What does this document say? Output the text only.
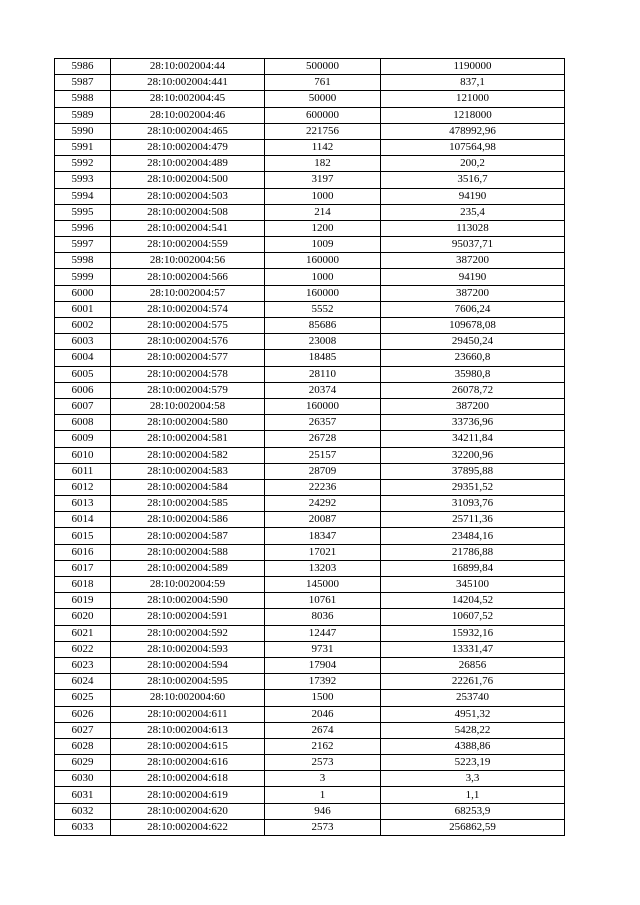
5986	28:10:002004:44	500000	1190000
5987	28:10:002004:441	761	837,1
5988	28:10:002004:45	50000	121000
5989	28:10:002004:46	600000	1218000
5990	28:10:002004:465	221756	478992,96
5991	28:10:002004:479	1142	107564,98
5992	28:10:002004:489	182	200,2
5993	28:10:002004:500	3197	3516,7
5994	28:10:002004:503	1000	94190
5995	28:10:002004:508	214	235,4
5996	28:10:002004:541	1200	113028
5997	28:10:002004:559	1009	95037,71
5998	28:10:002004:56	160000	387200
5999	28:10:002004:566	1000	94190
6000	28:10:002004:57	160000	387200
6001	28:10:002004:574	5552	7606,24
6002	28:10:002004:575	85686	109678,08
6003	28:10:002004:576	23008	29450,24
6004	28:10:002004:577	18485	23660,8
6005	28:10:002004:578	28110	35980,8
6006	28:10:002004:579	20374	26078,72
6007	28:10:002004:58	160000	387200
6008	28:10:002004:580	26357	33736,96
6009	28:10:002004:581	26728	34211,84
6010	28:10:002004:582	25157	32200,96
6011	28:10:002004:583	28709	37895,88
6012	28:10:002004:584	22236	29351,52
6013	28:10:002004:585	24292	31093,76
6014	28:10:002004:586	20087	25711,36
6015	28:10:002004:587	18347	23484,16
6016	28:10:002004:588	17021	21786,88
6017	28:10:002004:589	13203	16899,84
6018	28:10:002004:59	145000	345100
6019	28:10:002004:590	10761	14204,52
6020	28:10:002004:591	8036	10607,52
6021	28:10:002004:592	12447	15932,16
6022	28:10:002004:593	9731	13331,47
6023	28:10:002004:594	17904	26856
6024	28:10:002004:595	17392	22261,76
6025	28:10:002004:60	1500	253740
6026	28:10:002004:611	2046	4951,32
6027	28:10:002004:613	2674	5428,22
6028	28:10:002004:615	2162	4388,86
6029	28:10:002004:616	2573	5223,19
6030	28:10:002004:618	3	3,3
6031	28:10:002004:619	1	1,1
6032	28:10:002004:620	946	68253,9
6033	28:10:002004:622	2573	256862,59
